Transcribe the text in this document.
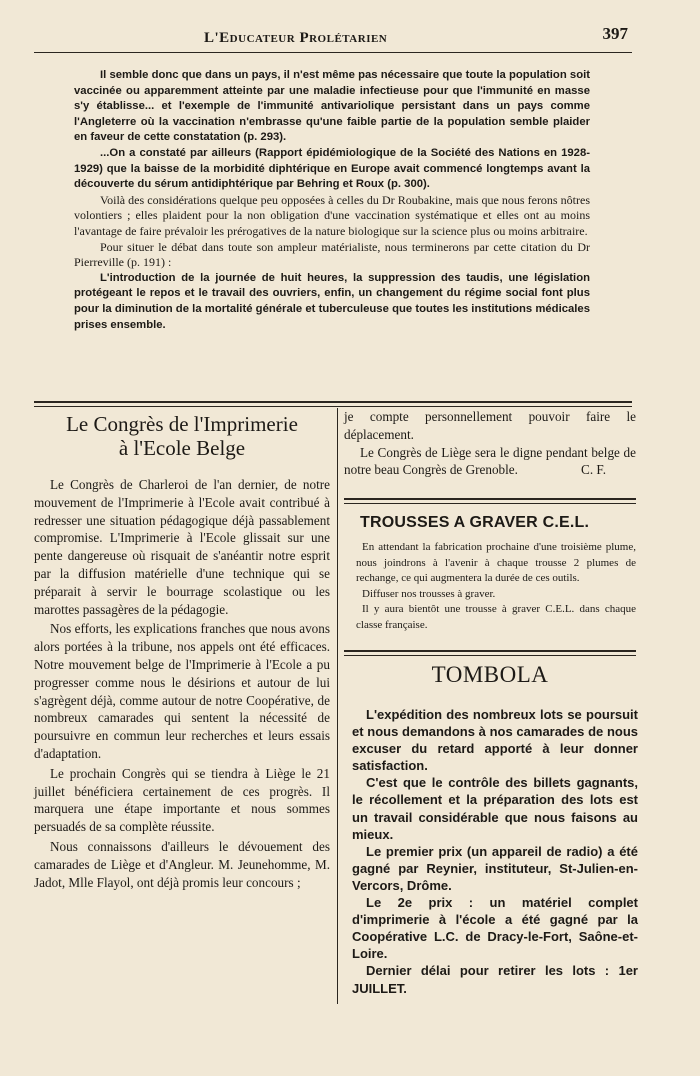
L'Educateur Prolétarien	397

Il semble donc que dans un pays, il n'est même pas nécessaire que toute la population soit vaccinée ou apparemment atteinte par une maladie infectieuse pour que l'immunité en masse s'y établisse... et l'exemple de l'immunité antivariolique persistant dans un pays comme l'Angleterre où la vaccination n'embrasse qu'une faible partie de la population semble plaider en faveur de cette constatation (p. 293).

...On a constaté par ailleurs (Rapport épidémiologique de la Société des Nations en 1928-1929) que la baisse de la morbidité diphtérique en Europe avait commencé longtemps avant la découverte du sérum antidiphtérique par Behring et Roux (p. 300).

Voilà des considérations quelque peu opposées à celles du Dr Roubakine, mais que nous ferons nôtres volontiers ; elles plaident pour la non obligation d'une vaccination systématique et elles ont au moins l'avantage de faire prévaloir les prérogatives de la nature biologique sur la science plus ou moins arbitraire.

Pour situer le débat dans toute son ampleur matérialiste, nous terminerons par cette citation du Dr Pierreville (p. 191) :

L'introduction de la journée de huit heures, la suppression des taudis, une législation protégeant le repos et le travail des ouvriers, enfin, un changement du régime social font plus pour la diminution de la mortalité générale et tuberculeuse que toutes les institutions médicales prises ensemble.

Le Congrès de l'Imprimerie
à l'Ecole Belge

Le Congrès de Charleroi de l'an dernier, de notre mouvement de l'Imprimerie à l'Ecole avait contribué à redresser une situation pédagogique déjà passablement compromise. L'Imprimerie à l'Ecole glissait sur une pente dangereuse où risquait de s'anéantir notre esprit par la diffusion matérielle d'une technique qui se préparait à servir le bourrage scolastique ou les marottes passagères de la pédagogie.

Nos efforts, les explications franches que nous avons alors portées à la tribune, nos appels ont été efficaces. Notre mouvement belge de l'Imprimerie à l'Ecole a pu progresser comme nous le désirions et autour de lui s'agrègent déjà, comme autour de notre Coopérative, de nombreux camarades qui sentent la nécessité de poursuivre en commun leur recherches et leurs essais d'adaptation.

Le prochain Congrès qui se tiendra à Liège le 21 juillet bénéficiera certainement de ces progrès. Il marquera une étape importante et nous sommes persuadés de sa complète réussite.

Nous connaissons d'ailleurs le dévouement des camarades de Liège et d'Angleur. M. Jeunehomme, M. Jadot, Mlle Flayol, ont déjà promis leur concours ;

je compte personnellement pouvoir faire le déplacement.

Le Congrès de Liège sera le digne pendant belge de notre beau Congrès de Grenoble.	C. F.

TROUSSES A GRAVER C.E.L.

En attendant la fabrication prochaine d'une troisième plume, nous joindrons à l'avenir à chaque trousse 2 plumes de rechange, ce qui augmentera la durée de ces outils.

Diffuser nos trousses à graver.

Il y aura bientôt une trousse à graver C.E.L. dans chaque classe française.

TOMBOLA

L'expédition des nombreux lots se poursuit et nous demandons à nos camarades de nous excuser du retard apporté à leur donner satisfaction.

C'est que le contrôle des billets gagnants, le récollement et la préparation des lots est un travail considérable que nous faisons au mieux.

Le premier prix (un appareil de radio) a été gagné par Reynier, instituteur, St-Julien-en-Vercors, Drôme.

Le 2e prix : un matériel complet d'imprimerie à l'école a été gagné par la Coopérative L.C. de Dracy-le-Fort, Saône-et-Loire.

Dernier délai pour retirer les lots : 1er JUILLET.
